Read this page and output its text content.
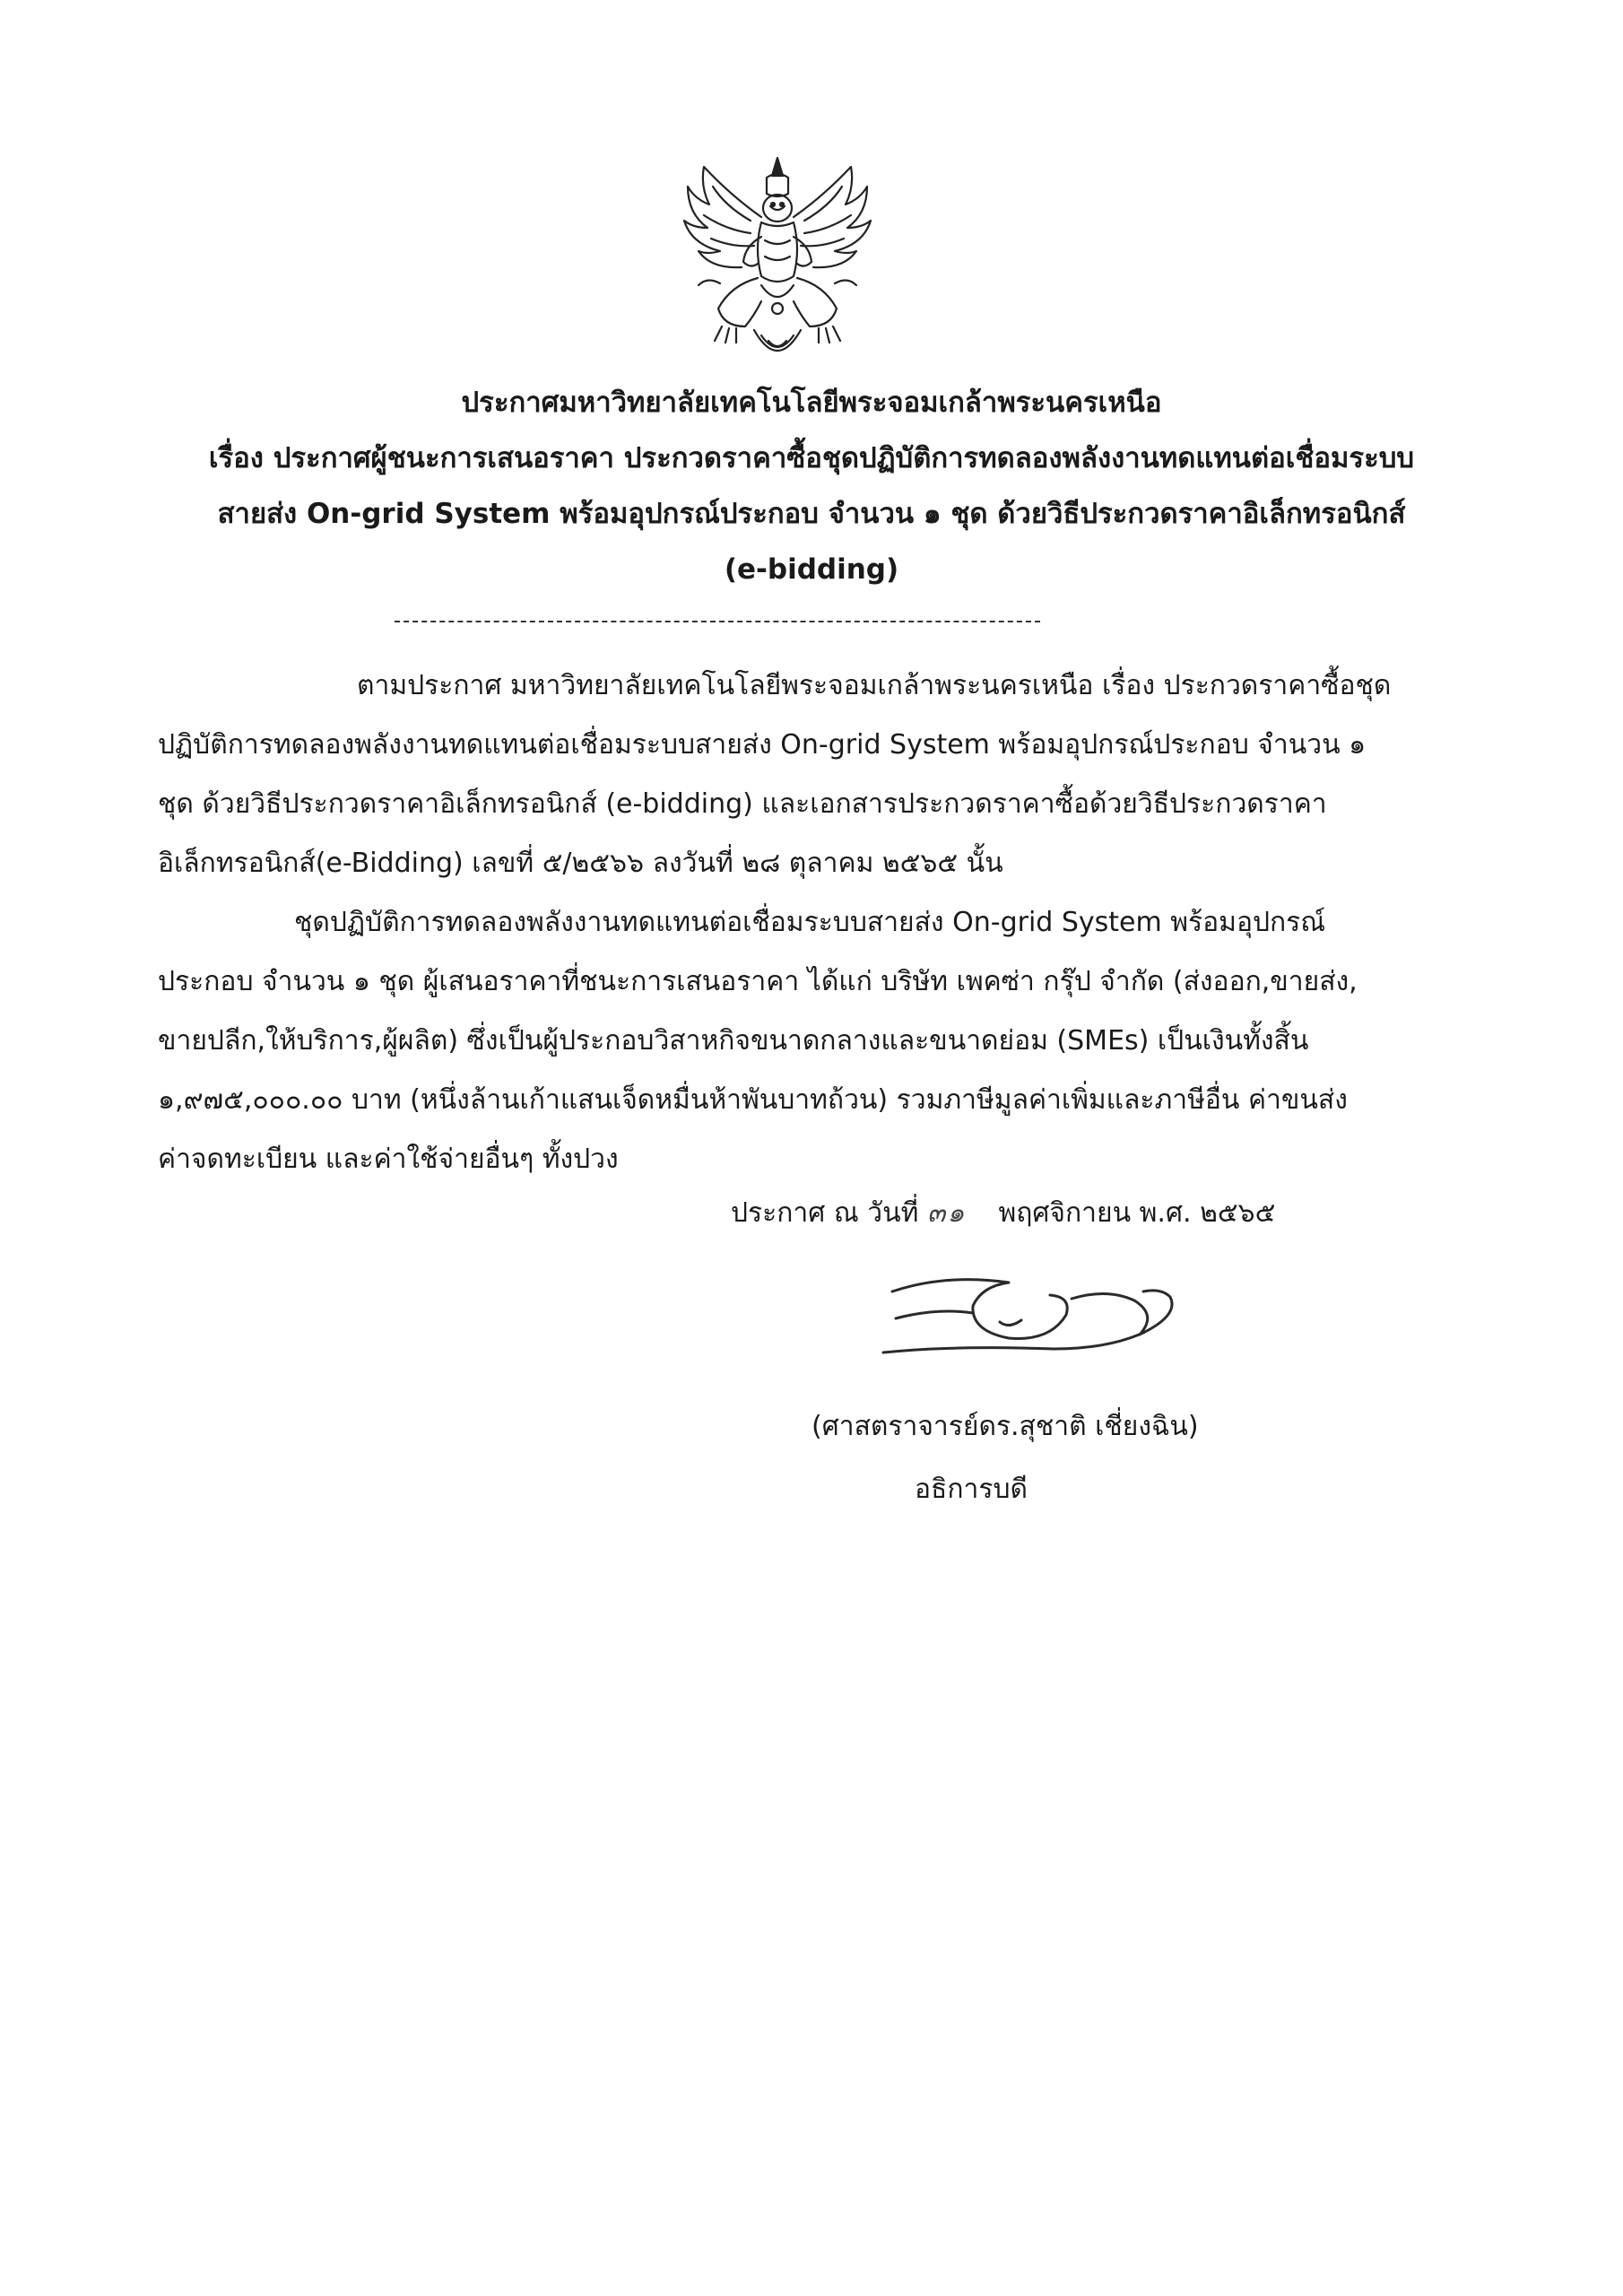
ประกาศมหาวิทยาลัยเทคโนโลยีพระจอมเกล้าพระนครเหนือ
เรื่อง ประกาศผู้ชนะการเสนอราคา ประกวดราคาซื้อชุดปฏิบัติการทดลองพลังงานทดแทนต่อเชื่อมระบบ
สายส่ง On-grid System พร้อมอุปกรณ์ประกอบ จำนวน ๑ ชุด ด้วยวิธีประกวดราคาอิเล็กทรอนิกส์
(e-bidding)
ตามประกาศ มหาวิทยาลัยเทคโนโลยีพระจอมเกล้าพระนครเหนือ เรื่อง ประกวดราคาซื้อชุด
ปฏิบัติการทดลองพลังงานทดแทนต่อเชื่อมระบบสายส่ง On-grid System พร้อมอุปกรณ์ประกอบ จำนวน ๑
ชุด ด้วยวิธีประกวดราคาอิเล็กทรอนิกส์ (e-bidding) และเอกสารประกวดราคาซื้อด้วยวิธีประกวดราคา
อิเล็กทรอนิกส์(e-Bidding) เลขที่ ๕/๒๕๖๖ ลงวันที่ ๒๘ ตุลาคม ๒๕๖๕ นั้น
ชุดปฏิบัติการทดลองพลังงานทดแทนต่อเชื่อมระบบสายส่ง On-grid System พร้อมอุปกรณ์
ประกอบ จำนวน ๑ ชุด ผู้เสนอราคาที่ชนะการเสนอราคา ได้แก่ บริษัท เพคซ่า กรุ๊ป จำกัด (ส่งออก,ขายส่ง,
ขายปลีก,ให้บริการ,ผู้ผลิต) ซึ่งเป็นผู้ประกอบวิสาหกิจขนาดกลางและขนาดย่อม (SMEs) เป็นเงินทั้งสิ้น
๑,๙๗๕,๐๐๐.๐๐ บาท (หนึ่งล้านเก้าแสนเจ็ดหมื่นห้าพันบาทถ้วน) รวมภาษีมูลค่าเพิ่มและภาษีอื่น ค่าขนส่ง
ค่าจดทะเบียน และค่าใช้จ่ายอื่นๆ ทั้งปวง
ประกาศ ณ วันที่ ๓๑ พฤศจิกายน พ.ศ. ๒๕๖๕
(ศาสตราจารย์ดร.สุชาติ เชี่ยงฉิน)
อธิการบดี
